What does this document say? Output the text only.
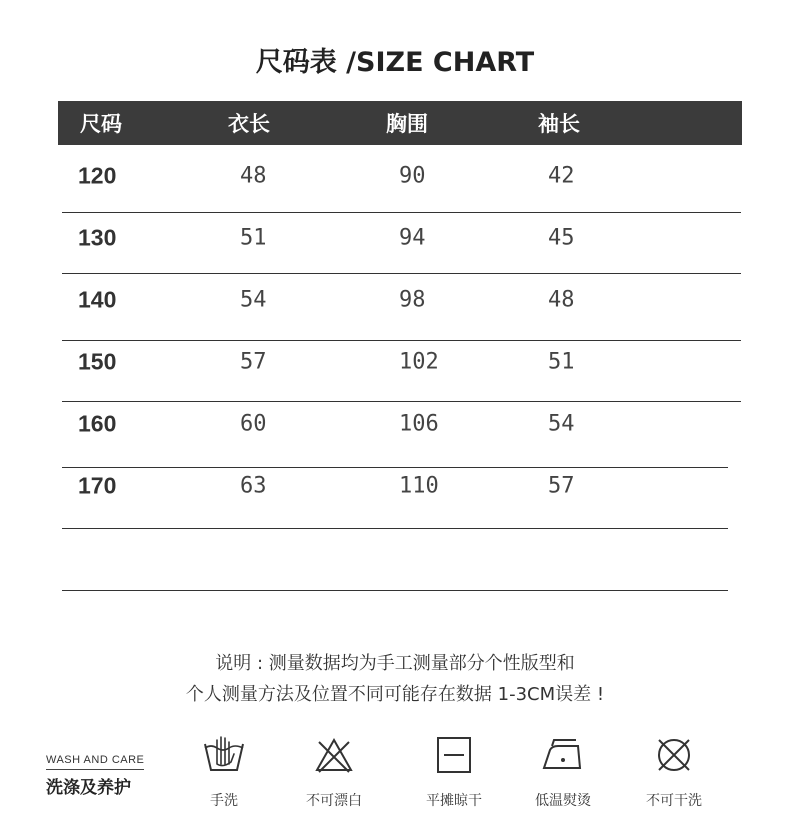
尺码表 /SIZE CHART
尺码	衣长	胸围	袖长
120	48	90	42
130	51	94	45
140	54	98	48
150	57	102	51
160	60	106	54
170	63	110	57
说明 : 测量数据均为手工测量部分个性版型和
个人测量方法及位置不同可能存在数据 1-3CM误差 !
WASH AND CARE
洗涤及养护
手洗	不可漂白	平摊晾干	低温熨烫	不可干洗
